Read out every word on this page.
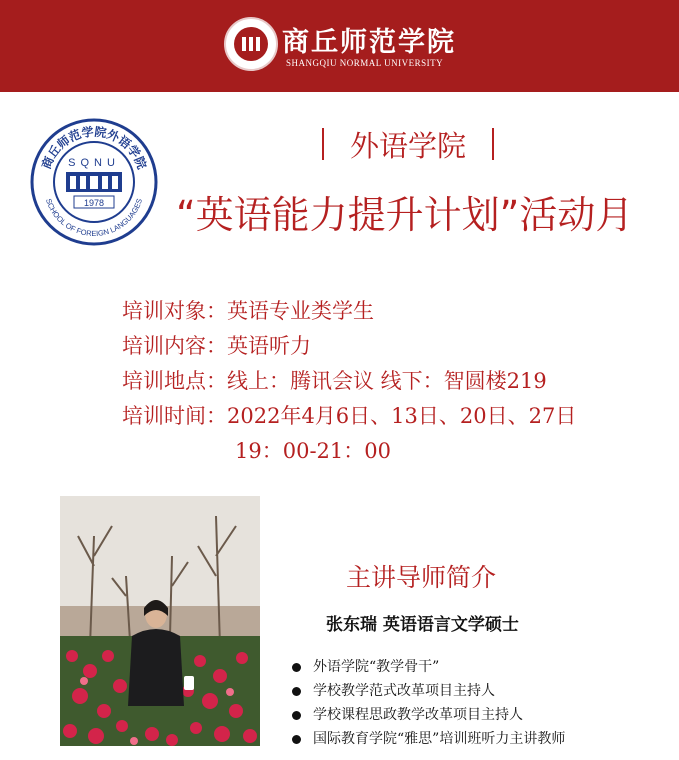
商丘师范学院
SHANGQIU NORMAL UNIVERSITY
商丘师范学院外语学院
SCHOOL OF FOREIGN LANGUAGES
SQNU
1978
外语学院
“英语能力提升计划”活动月
培训对象：英语专业类学生
培训内容：英语听力
培训地点：线上：腾讯会议 线下：智圆楼219
培训时间：2022年4月6日、13日、20日、27日
19：00-21：00
主讲导师简介
张东瑞 英语语言文学硕士
外语学院“教学骨干”
学校教学范式改革项目主持人
学校课程思政教学改革项目主持人
国际教育学院“雅思”培训班听力主讲教师
